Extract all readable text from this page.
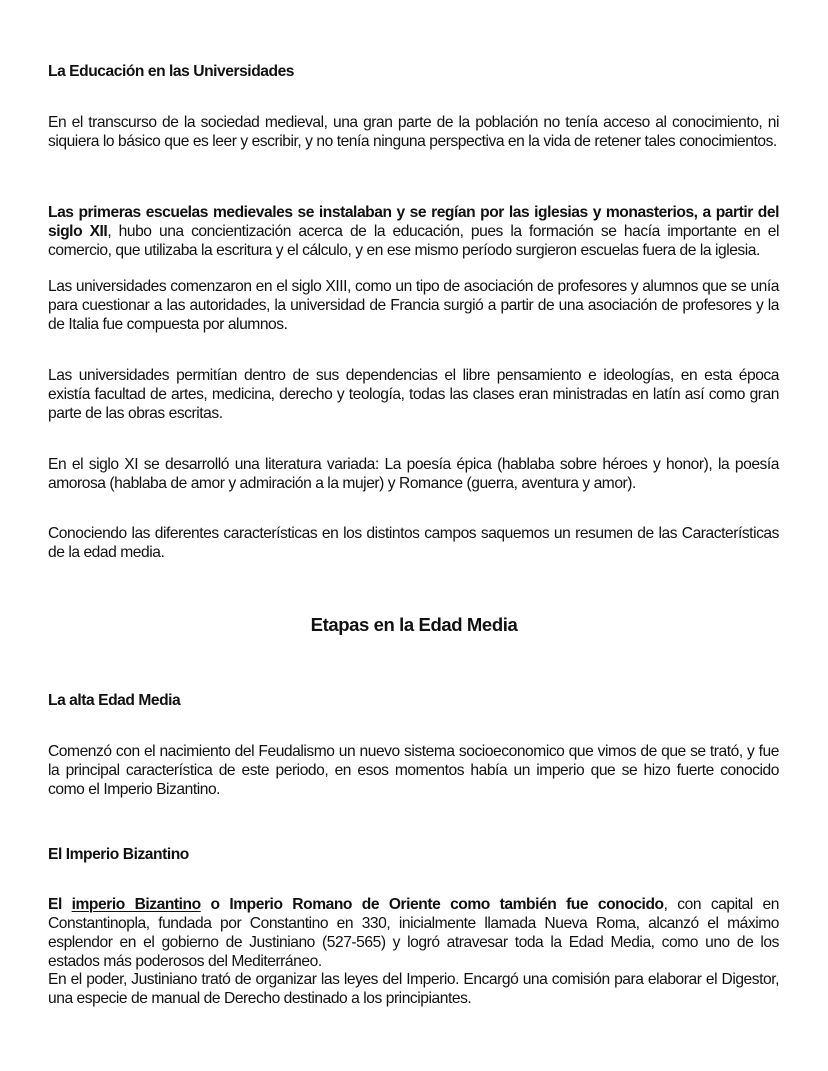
La Educación en las Universidades
En el transcurso de la sociedad medieval, una gran parte de la población no tenía acceso al conocimiento, ni siquiera lo básico que es leer y escribir, y no tenía ninguna perspectiva en la vida de retener tales conocimientos.
Las primeras escuelas medievales se instalaban y se regían por las iglesias y monasterios, a partir del siglo XII, hubo una concientización acerca de la educación, pues la formación se hacía importante en el comercio, que utilizaba la escritura y el cálculo, y en ese mismo período surgieron escuelas fuera de la iglesia.
Las universidades comenzaron en el siglo XIII, como un tipo de asociación de profesores y alumnos que se unía para cuestionar a las autoridades, la universidad de Francia surgió a partir de una asociación de profesores y la de Italia fue compuesta por alumnos.
Las universidades permitían dentro de sus dependencias el libre pensamiento e ideologías, en esta época existía facultad de artes, medicina, derecho y teología, todas las clases eran ministradas en latín así como gran parte de las obras escritas.
En el siglo XI se desarrolló una literatura variada: La poesía épica (hablaba sobre héroes y honor), la poesía amorosa (hablaba de amor y admiración a la mujer) y Romance (guerra, aventura y amor).
Conociendo las diferentes características en los distintos campos saquemos un resumen de las Características de la edad media.
Etapas en la Edad Media
La alta Edad Media
Comenzó con el nacimiento del Feudalismo un nuevo sistema socioeconomico que vimos de que se trató, y fue la principal característica de este periodo, en esos momentos había un imperio que se hizo fuerte conocido como el Imperio Bizantino.
El Imperio Bizantino
El imperio Bizantino o Imperio Romano de Oriente como también fue conocido, con capital en Constantinopla, fundada por Constantino en 330, inicialmente llamada Nueva Roma, alcanzó el máximo esplendor en el gobierno de Justiniano (527-565) y logró atravesar toda la Edad Media, como uno de los estados más poderosos del Mediterráneo.
En el poder, Justiniano trató de organizar las leyes del Imperio. Encargó una comisión para elaborar el Digestor, una especie de manual de Derecho destinado a los principiantes.
